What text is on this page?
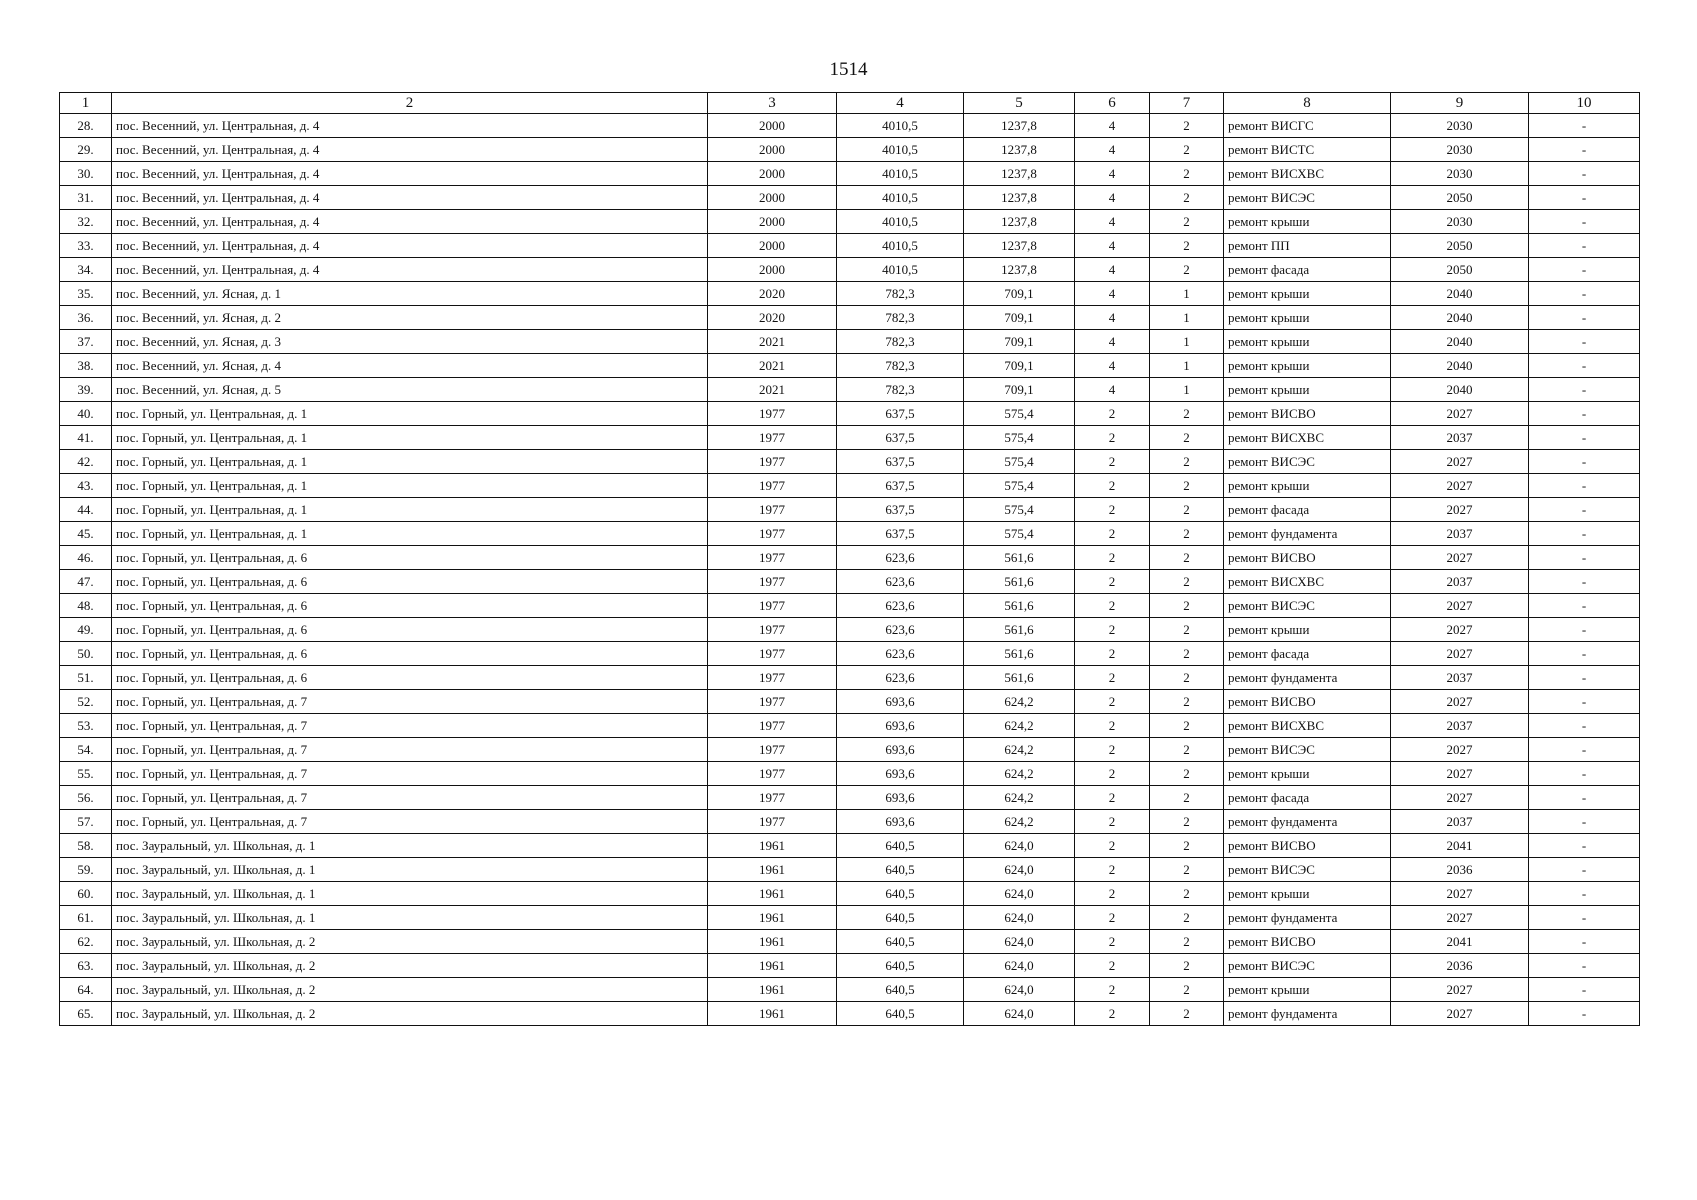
1514
1	2	3	4	5	6	7	8	9	10
28.	пос. Весенний, ул. Центральная, д. 4	2000	4010,5	1237,8	4	2	ремонт ВИСГС	2030	-
29.	пос. Весенний, ул. Центральная, д. 4	2000	4010,5	1237,8	4	2	ремонт ВИСТС	2030	-
30.	пос. Весенний, ул. Центральная, д. 4	2000	4010,5	1237,8	4	2	ремонт ВИСХВС	2030	-
31.	пос. Весенний, ул. Центральная, д. 4	2000	4010,5	1237,8	4	2	ремонт ВИСЭС	2050	-
32.	пос. Весенний, ул. Центральная, д. 4	2000	4010,5	1237,8	4	2	ремонт крыши	2030	-
33.	пос. Весенний, ул. Центральная, д. 4	2000	4010,5	1237,8	4	2	ремонт ПП	2050	-
34.	пос. Весенний, ул. Центральная, д. 4	2000	4010,5	1237,8	4	2	ремонт фасада	2050	-
35.	пос. Весенний, ул. Ясная, д. 1	2020	782,3	709,1	4	1	ремонт крыши	2040	-
36.	пос. Весенний, ул. Ясная, д. 2	2020	782,3	709,1	4	1	ремонт крыши	2040	-
37.	пос. Весенний, ул. Ясная, д. 3	2021	782,3	709,1	4	1	ремонт крыши	2040	-
38.	пос. Весенний, ул. Ясная, д. 4	2021	782,3	709,1	4	1	ремонт крыши	2040	-
39.	пос. Весенний, ул. Ясная, д. 5	2021	782,3	709,1	4	1	ремонт крыши	2040	-
40.	пос. Горный, ул. Центральная, д. 1	1977	637,5	575,4	2	2	ремонт ВИСВО	2027	-
41.	пос. Горный, ул. Центральная, д. 1	1977	637,5	575,4	2	2	ремонт ВИСХВС	2037	-
42.	пос. Горный, ул. Центральная, д. 1	1977	637,5	575,4	2	2	ремонт ВИСЭС	2027	-
43.	пос. Горный, ул. Центральная, д. 1	1977	637,5	575,4	2	2	ремонт крыши	2027	-
44.	пос. Горный, ул. Центральная, д. 1	1977	637,5	575,4	2	2	ремонт фасада	2027	-
45.	пос. Горный, ул. Центральная, д. 1	1977	637,5	575,4	2	2	ремонт фундамента	2037	-
46.	пос. Горный, ул. Центральная, д. 6	1977	623,6	561,6	2	2	ремонт ВИСВО	2027	-
47.	пос. Горный, ул. Центральная, д. 6	1977	623,6	561,6	2	2	ремонт ВИСХВС	2037	-
48.	пос. Горный, ул. Центральная, д. 6	1977	623,6	561,6	2	2	ремонт ВИСЭС	2027	-
49.	пос. Горный, ул. Центральная, д. 6	1977	623,6	561,6	2	2	ремонт крыши	2027	-
50.	пос. Горный, ул. Центральная, д. 6	1977	623,6	561,6	2	2	ремонт фасада	2027	-
51.	пос. Горный, ул. Центральная, д. 6	1977	623,6	561,6	2	2	ремонт фундамента	2037	-
52.	пос. Горный, ул. Центральная, д. 7	1977	693,6	624,2	2	2	ремонт ВИСВО	2027	-
53.	пос. Горный, ул. Центральная, д. 7	1977	693,6	624,2	2	2	ремонт ВИСХВС	2037	-
54.	пос. Горный, ул. Центральная, д. 7	1977	693,6	624,2	2	2	ремонт ВИСЭС	2027	-
55.	пос. Горный, ул. Центральная, д. 7	1977	693,6	624,2	2	2	ремонт крыши	2027	-
56.	пос. Горный, ул. Центральная, д. 7	1977	693,6	624,2	2	2	ремонт фасада	2027	-
57.	пос. Горный, ул. Центральная, д. 7	1977	693,6	624,2	2	2	ремонт фундамента	2037	-
58.	пос. Зауральный, ул. Школьная, д. 1	1961	640,5	624,0	2	2	ремонт ВИСВО	2041	-
59.	пос. Зауральный, ул. Школьная, д. 1	1961	640,5	624,0	2	2	ремонт ВИСЭС	2036	-
60.	пос. Зауральный, ул. Школьная, д. 1	1961	640,5	624,0	2	2	ремонт крыши	2027	-
61.	пос. Зауральный, ул. Школьная, д. 1	1961	640,5	624,0	2	2	ремонт фундамента	2027	-
62.	пос. Зауральный, ул. Школьная, д. 2	1961	640,5	624,0	2	2	ремонт ВИСВО	2041	-
63.	пос. Зауральный, ул. Школьная, д. 2	1961	640,5	624,0	2	2	ремонт ВИСЭС	2036	-
64.	пос. Зауральный, ул. Школьная, д. 2	1961	640,5	624,0	2	2	ремонт крыши	2027	-
65.	пос. Зауральный, ул. Школьная, д. 2	1961	640,5	624,0	2	2	ремонт фундамента	2027	-
